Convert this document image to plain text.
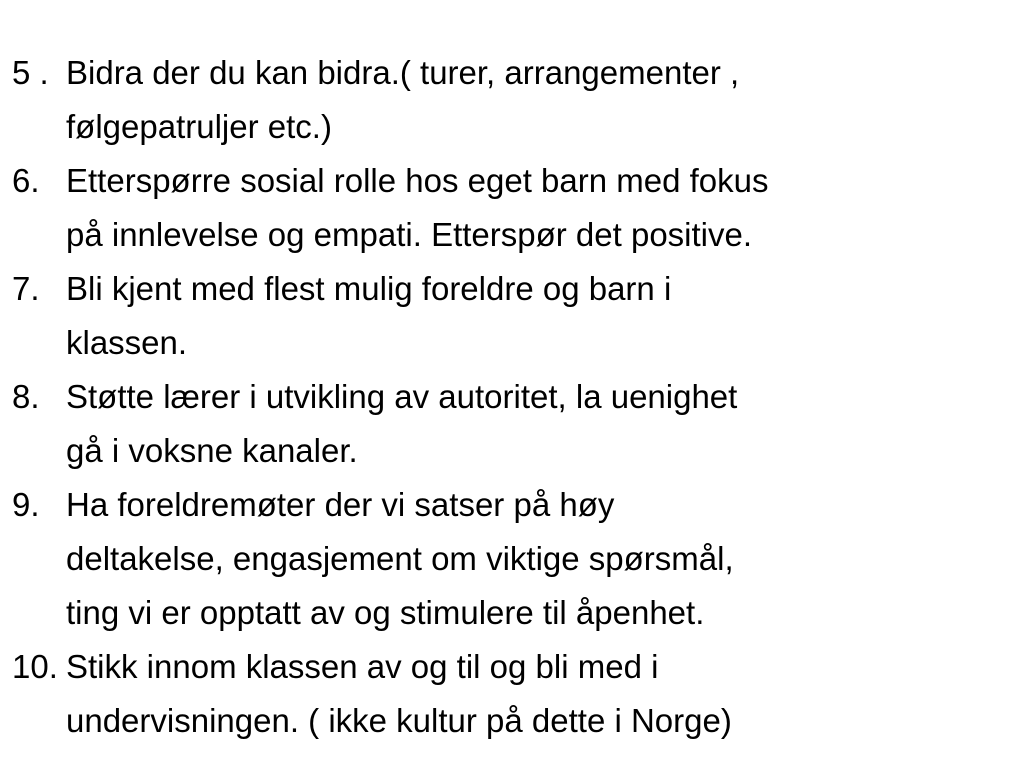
5 . Bidra der du kan bidra.( turer, arrangementer ,
følgepatruljer etc.)
6. Etterspørre sosial rolle hos eget barn med fokus
på innlevelse og empati. Etterspør det positive.
7. Bli kjent med flest mulig foreldre og barn i
klassen.
8. Støtte lærer i utvikling av autoritet, la uenighet
gå i voksne kanaler.
9. Ha foreldremøter der vi satser på høy
deltakelse, engasjement om viktige spørsmål,
ting vi er opptatt av og stimulere til åpenhet.
10. Stikk innom klassen av og til og bli med i
undervisningen. ( ikke kultur på dette i Norge)
